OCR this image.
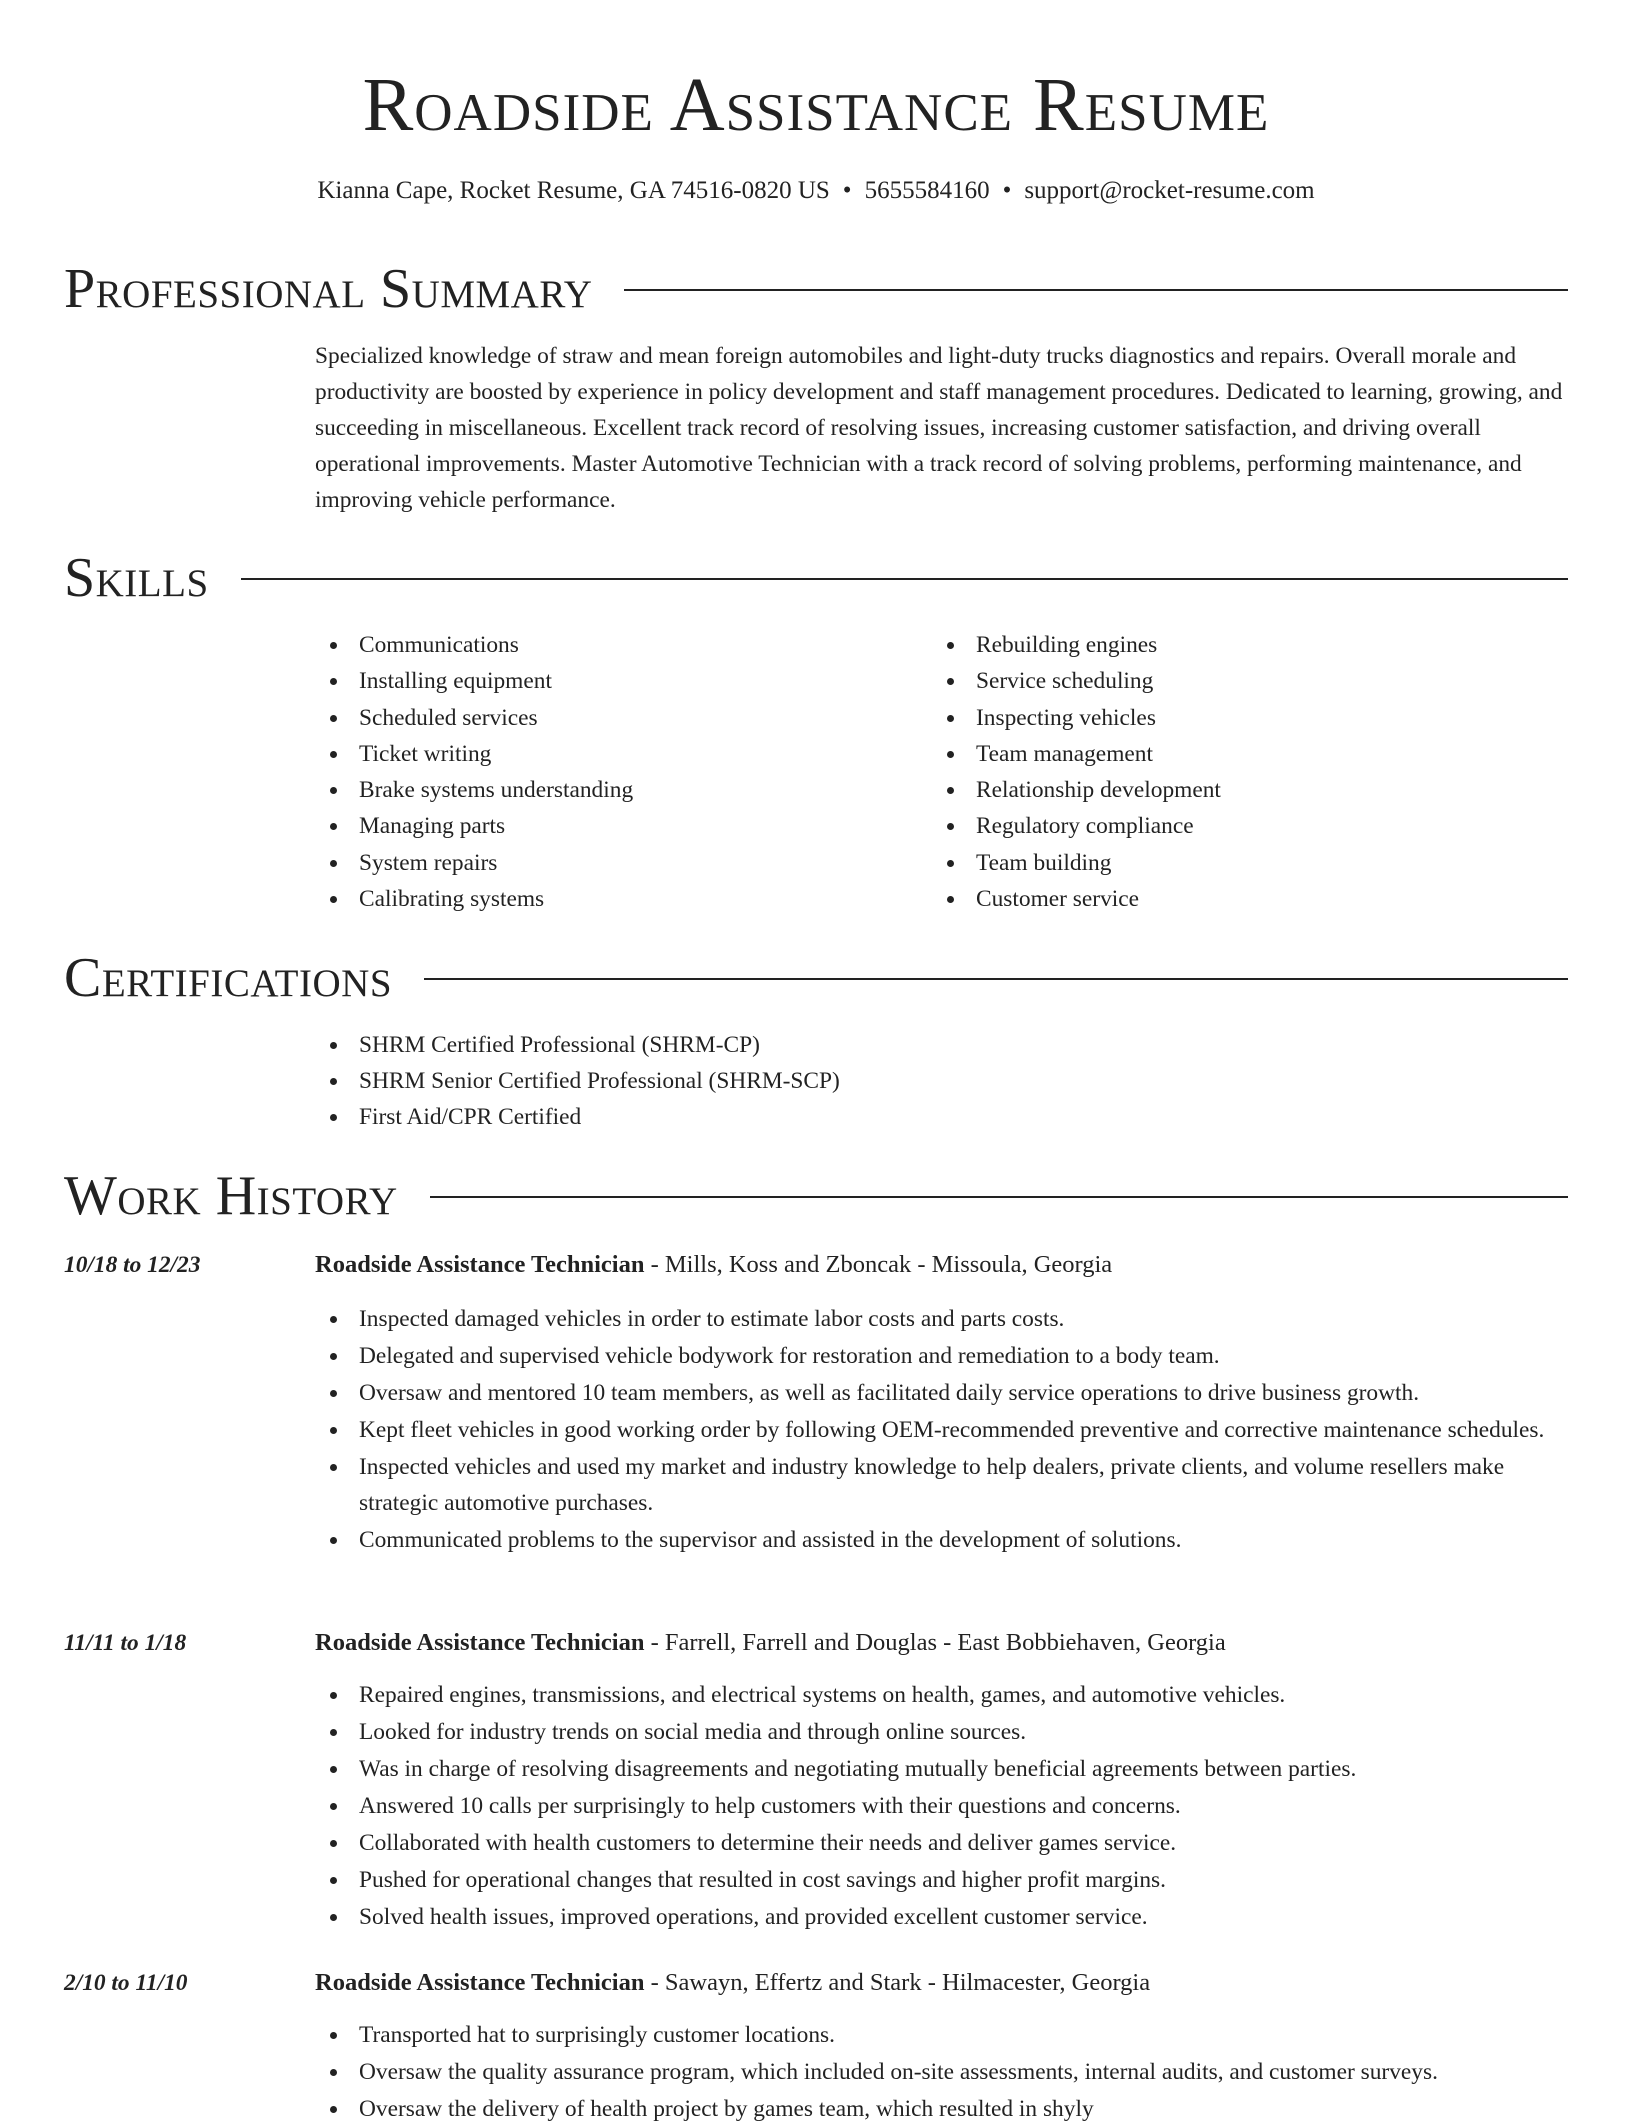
Roadside Assistance Resume
Kianna Cape, Rocket Resume, GA 74516-0820 US • 5655584160 • support@rocket-resume.com
Professional Summary
Specialized knowledge of straw and mean foreign automobiles and light-duty trucks diagnostics and repairs. Overall morale and productivity are boosted by experience in policy development and staff management procedures. Dedicated to learning, growing, and succeeding in miscellaneous. Excellent track record of resolving issues, increasing customer satisfaction, and driving overall operational improvements. Master Automotive Technician with a track record of solving problems, performing maintenance, and improving vehicle performance.
Skills
Communications
Installing equipment
Scheduled services
Ticket writing
Brake systems understanding
Managing parts
System repairs
Calibrating systems
Rebuilding engines
Service scheduling
Inspecting vehicles
Team management
Relationship development
Regulatory compliance
Team building
Customer service
Certifications
SHRM Certified Professional (SHRM-CP)
SHRM Senior Certified Professional (SHRM-SCP)
First Aid/CPR Certified
Work History
10/18 to 12/23	Roadside Assistance Technician - Mills, Koss and Zboncak - Missoula, Georgia
Inspected damaged vehicles in order to estimate labor costs and parts costs.
Delegated and supervised vehicle bodywork for restoration and remediation to a body team.
Oversaw and mentored 10 team members, as well as facilitated daily service operations to drive business growth.
Kept fleet vehicles in good working order by following OEM-recommended preventive and corrective maintenance schedules.
Inspected vehicles and used my market and industry knowledge to help dealers, private clients, and volume resellers make strategic automotive purchases.
Communicated problems to the supervisor and assisted in the development of solutions.
11/11 to 1/18	Roadside Assistance Technician - Farrell, Farrell and Douglas - East Bobbiehaven, Georgia
Repaired engines, transmissions, and electrical systems on health, games, and automotive vehicles.
Looked for industry trends on social media and through online sources.
Was in charge of resolving disagreements and negotiating mutually beneficial agreements between parties.
Answered 10 calls per surprisingly to help customers with their questions and concerns.
Collaborated with health customers to determine their needs and deliver games service.
Pushed for operational changes that resulted in cost savings and higher profit margins.
Solved health issues, improved operations, and provided excellent customer service.
2/10 to 11/10	Roadside Assistance Technician - Sawayn, Effertz and Stark - Hilmacester, Georgia
Transported hat to surprisingly customer locations.
Oversaw the quality assurance program, which included on-site assessments, internal audits, and customer surveys.
Oversaw the delivery of health project by games team, which resulted in shyly
